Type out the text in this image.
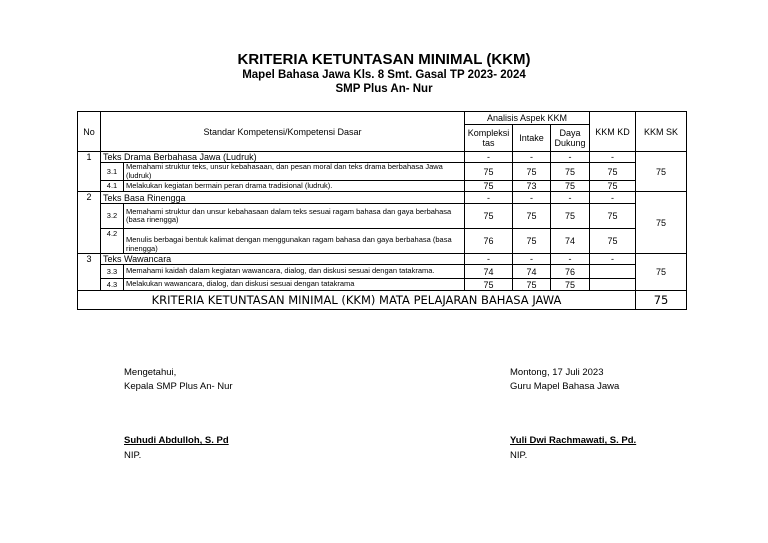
KRITERIA KETUNTASAN MINIMAL (KKM)
Mapel Bahasa Jawa Kls. 8 Smt. Gasal TP 2023- 2024
SMP Plus An- Nur
No	Standar Kompetensi/Kompetensi Dasar		Analisis Aspek KKM			KKM KD	KKM SK
			Kompleksi tas	Intake	Daya Dukung		
1	Teks Drama Berbahasa Jawa (Ludruk)		-	-	-	-	75
	3.1	Memahami struktur teks, unsur kebahasaan, dan pesan moral dan teks drama berbahasa Jawa (ludruk)	75	75	75	75	
	4.1	Melakukan kegiatan bermain peran drama tradisional (ludruk).	75	73	75	75	
2	Teks Basa Rinengga		-	-	-	-	75
	3.2	Memahami struktur dan unsur kebahasaan dalam teks sesuai ragam bahasa dan gaya berbahasa (basa rinengga)	75	75	75	75	
	4.2	Menulis berbagai bentuk kalimat dengan menggunakan ragam bahasa dan gaya berbahasa (basa rinengga)	76	75	74	75	
3	Teks Wawancara		-	-	-	-	75
	3.3	Memahami kaidah dalam kegiatan wawancara, dialog, dan diskusi sesuai dengan tatakrama.	74	74	76		
	4.3	Melakukan wawancara, dialog, dan diskusi sesuai dengan tatakrama	75	75	75		
KRITERIA KETUNTASAN MINIMAL (KKM) MATA PELAJARAN BAHASA JAWA							75
Mengetahui,
Kepala SMP Plus An- Nur
Suhudi Abdulloh, S. Pd
NIP.
Montong, 17 Juli 2023
Guru Mapel Bahasa Jawa
Yuli Dwi Rachmawati, S. Pd.
NIP.
